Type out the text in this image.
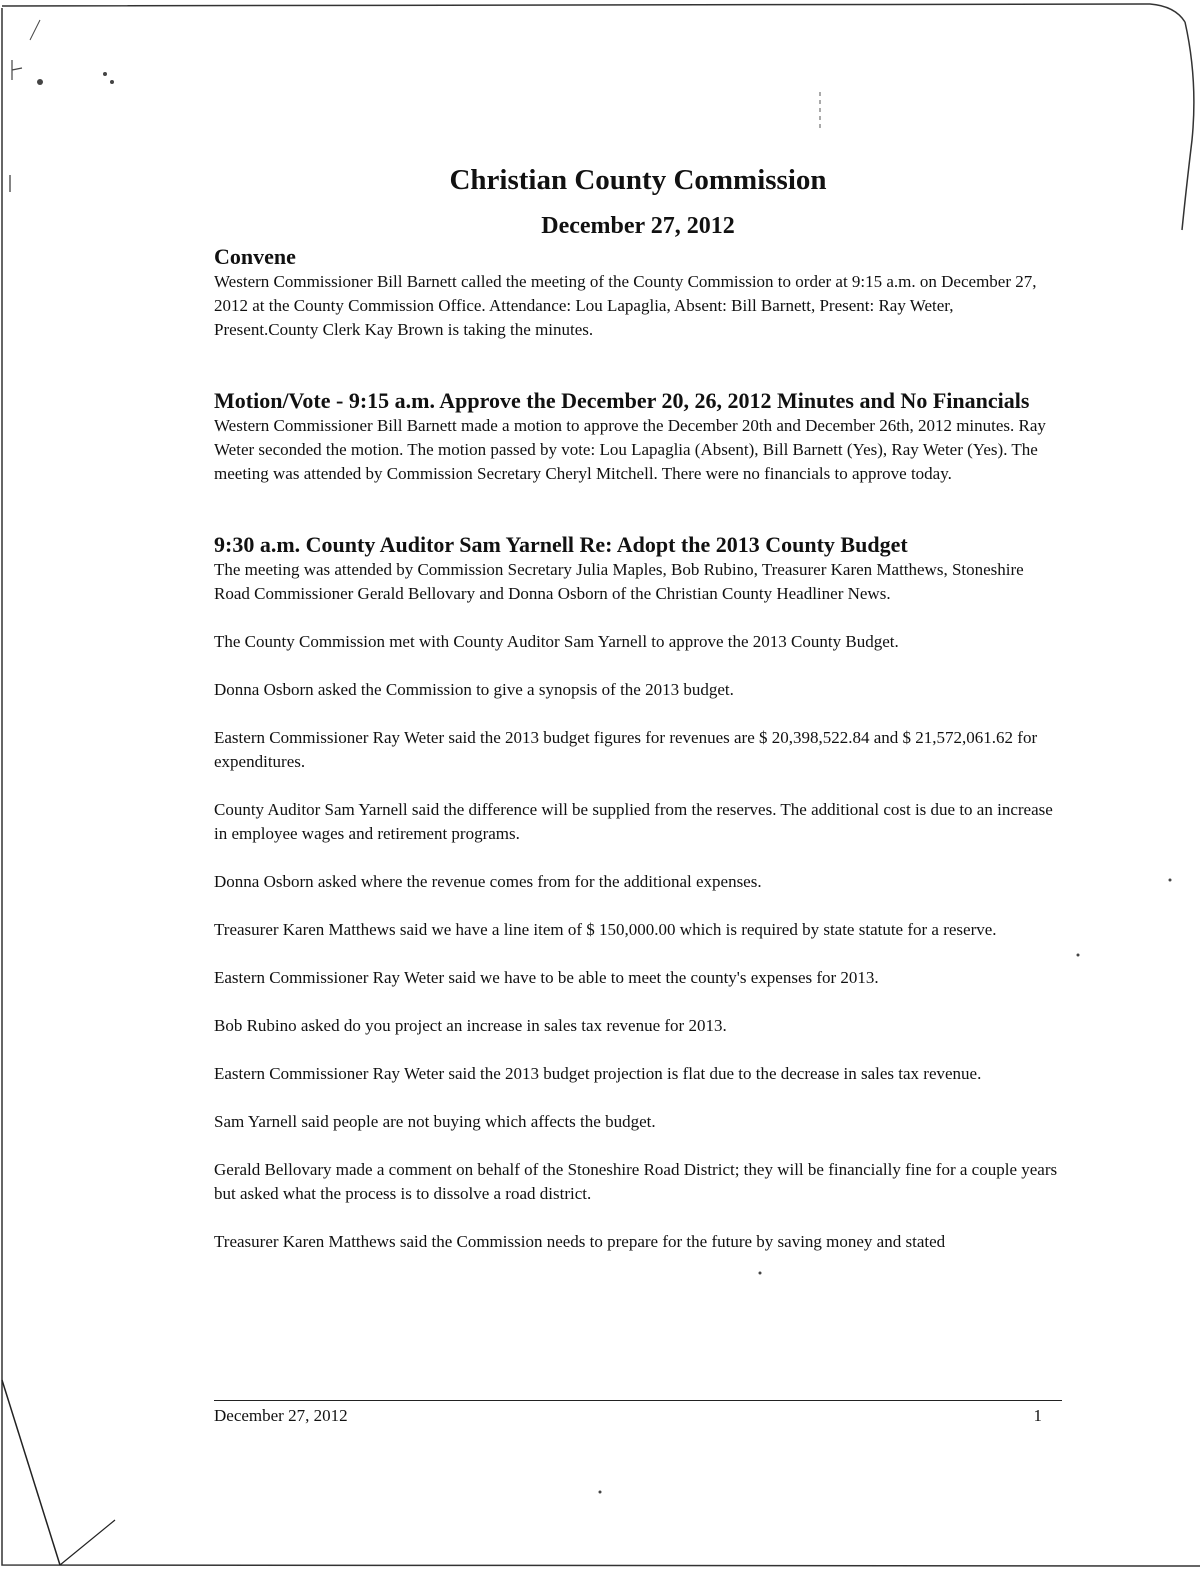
Christian County Commission
December 27, 2012
Convene

Western Commissioner Bill Barnett called the meeting of the County Commission to order at 9:15 a.m. on December 27, 2012 at the County Commission Office. Attendance: Lou Lapaglia, Absent: Bill Barnett, Present: Ray Weter, Present.County Clerk Kay Brown is taking the minutes.

Motion/Vote - 9:15 a.m. Approve the December 20, 26, 2012 Minutes and No Financials

Western Commissioner Bill Barnett made a motion to approve the December 20th and December 26th, 2012 minutes. Ray Weter seconded the motion. The motion passed by vote: Lou Lapaglia (Absent), Bill Barnett (Yes), Ray Weter (Yes). The meeting was attended by Commission Secretary Cheryl Mitchell. There were no financials to approve today.

9:30 a.m. County Auditor Sam Yarnell Re: Adopt the 2013 County Budget

The meeting was attended by Commission Secretary Julia Maples, Bob Rubino, Treasurer Karen Matthews, Stoneshire Road Commissioner Gerald Bellovary and Donna Osborn of the Christian County Headliner News.

The County Commission met with County Auditor Sam Yarnell to approve the 2013 County Budget.

Donna Osborn asked the Commission to give a synopsis of the 2013 budget.

Eastern Commissioner Ray Weter said the 2013 budget figures for revenues are $ 20,398,522.84 and $ 21,572,061.62 for expenditures.

County Auditor Sam Yarnell said the difference will be supplied from the reserves. The additional cost is due to an increase in employee wages and retirement programs.

Donna Osborn asked where the revenue comes from for the additional expenses.

Treasurer Karen Matthews said we have a line item of $ 150,000.00 which is required by state statute for a reserve.

Eastern Commissioner Ray Weter said we have to be able to meet the county's expenses for 2013.

Bob Rubino asked do you project an increase in sales tax revenue for 2013.

Eastern Commissioner Ray Weter said the 2013 budget projection is flat due to the decrease in sales tax revenue.

Sam Yarnell said people are not buying which affects the budget.

Gerald Bellovary made a comment on behalf of the Stoneshire Road District; they will be financially fine for a couple years but asked what the process is to dissolve a road district.

Treasurer Karen Matthews said the Commission needs to prepare for the future by saving money and stated

December 27, 2012	1
